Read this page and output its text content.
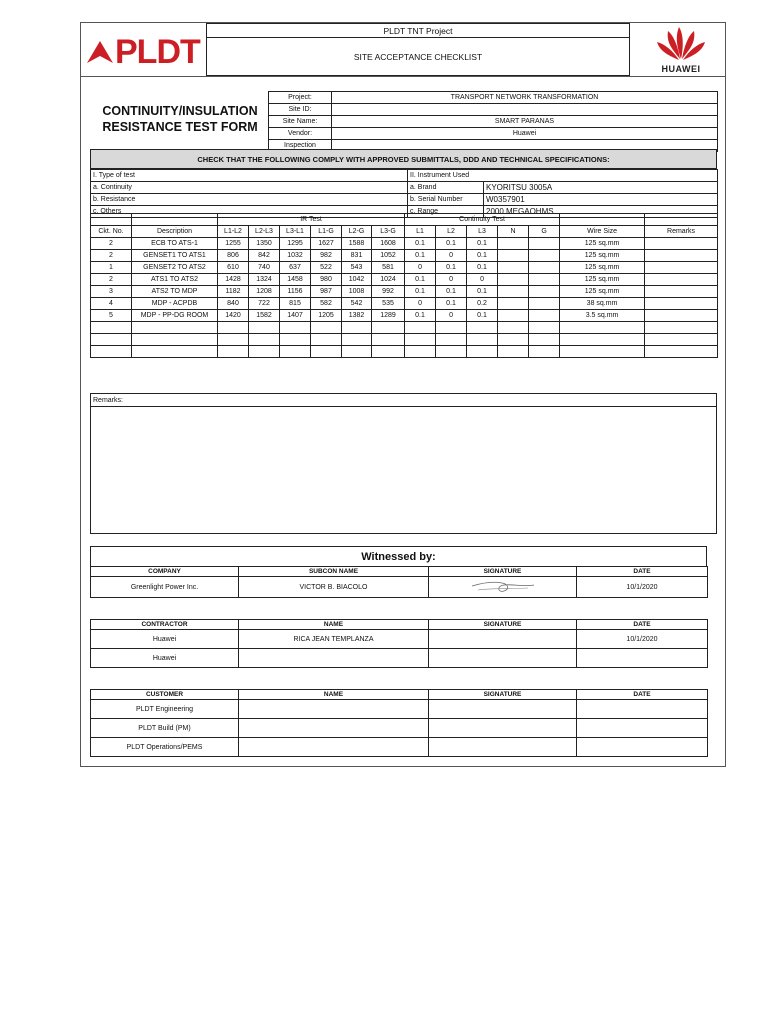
PLDT
PLDT TNT Project
SITE ACCEPTANCE CHECKLIST
HUAWEI
CONTINUITY/INSULATION
RESISTANCE TEST FORM
Project:	TRANSPORT NETWORK TRANSFORMATION
Site ID:	
Site Name:	SMART PARANAS
Vendor:	Huawei
Inspection	
CHECK THAT THE FOLLOWING COMPLY WITH APPROVED SUBMITTALS, DDD AND TECHNICAL SPECIFICATIONS:
I. Type of test	II. Instrument Used	
a. Continuity	a. Brand	KYORITSU 3005A
b. Resistance	b. Serial Number	W0357901
c. Others	c. Range	2000 MEGAOHMS
		IR Test						Continuity Test						
Ckt. No.	Description	L1-L2	L2-L3	L3-L1	L1-G	L2-G	L3-G	L1	L2	L3	N	G	Wire Size	Remarks
2	ECB TO ATS-1	1255	1350	1295	1627	1588	1608	0.1	0.1	0.1			125 sq.mm	
2	GENSET1 TO ATS1	806	842	1032	982	831	1052	0.1	0	0.1			125 sq.mm	
1	GENSET2 TO ATS2	610	740	637	522	543	581	0	0.1	0.1			125 sq.mm	
2	ATS1 TO ATS2	1428	1324	1458	980	1042	1024	0.1	0	0			125 sq.mm	
3	ATS2 TO MDP	1182	1208	1156	987	1008	992	0.1	0.1	0.1			125 sq.mm	
4	MDP - ACPDB	840	722	815	582	542	535	0	0.1	0.2			38 sq.mm	
5	MDP - PP-DG ROOM	1420	1582	1407	1205	1382	1289	0.1	0	0.1			3.5 sq.mm	

Remarks:
Witnessed by:
COMPANY	SUBCON NAME	SIGNATURE	DATE
Greenlight Power Inc.	VICTOR B. BIACOLO		10/1/2020
CONTRACTOR	NAME	SIGNATURE	DATE
Huawei	RICA JEAN TEMPLANZA		10/1/2020
Huawei			
CUSTOMER	NAME	SIGNATURE	DATE
PLDT Engineering			
PLDT Build (PM)			
PLDT Operations/PEMS			
